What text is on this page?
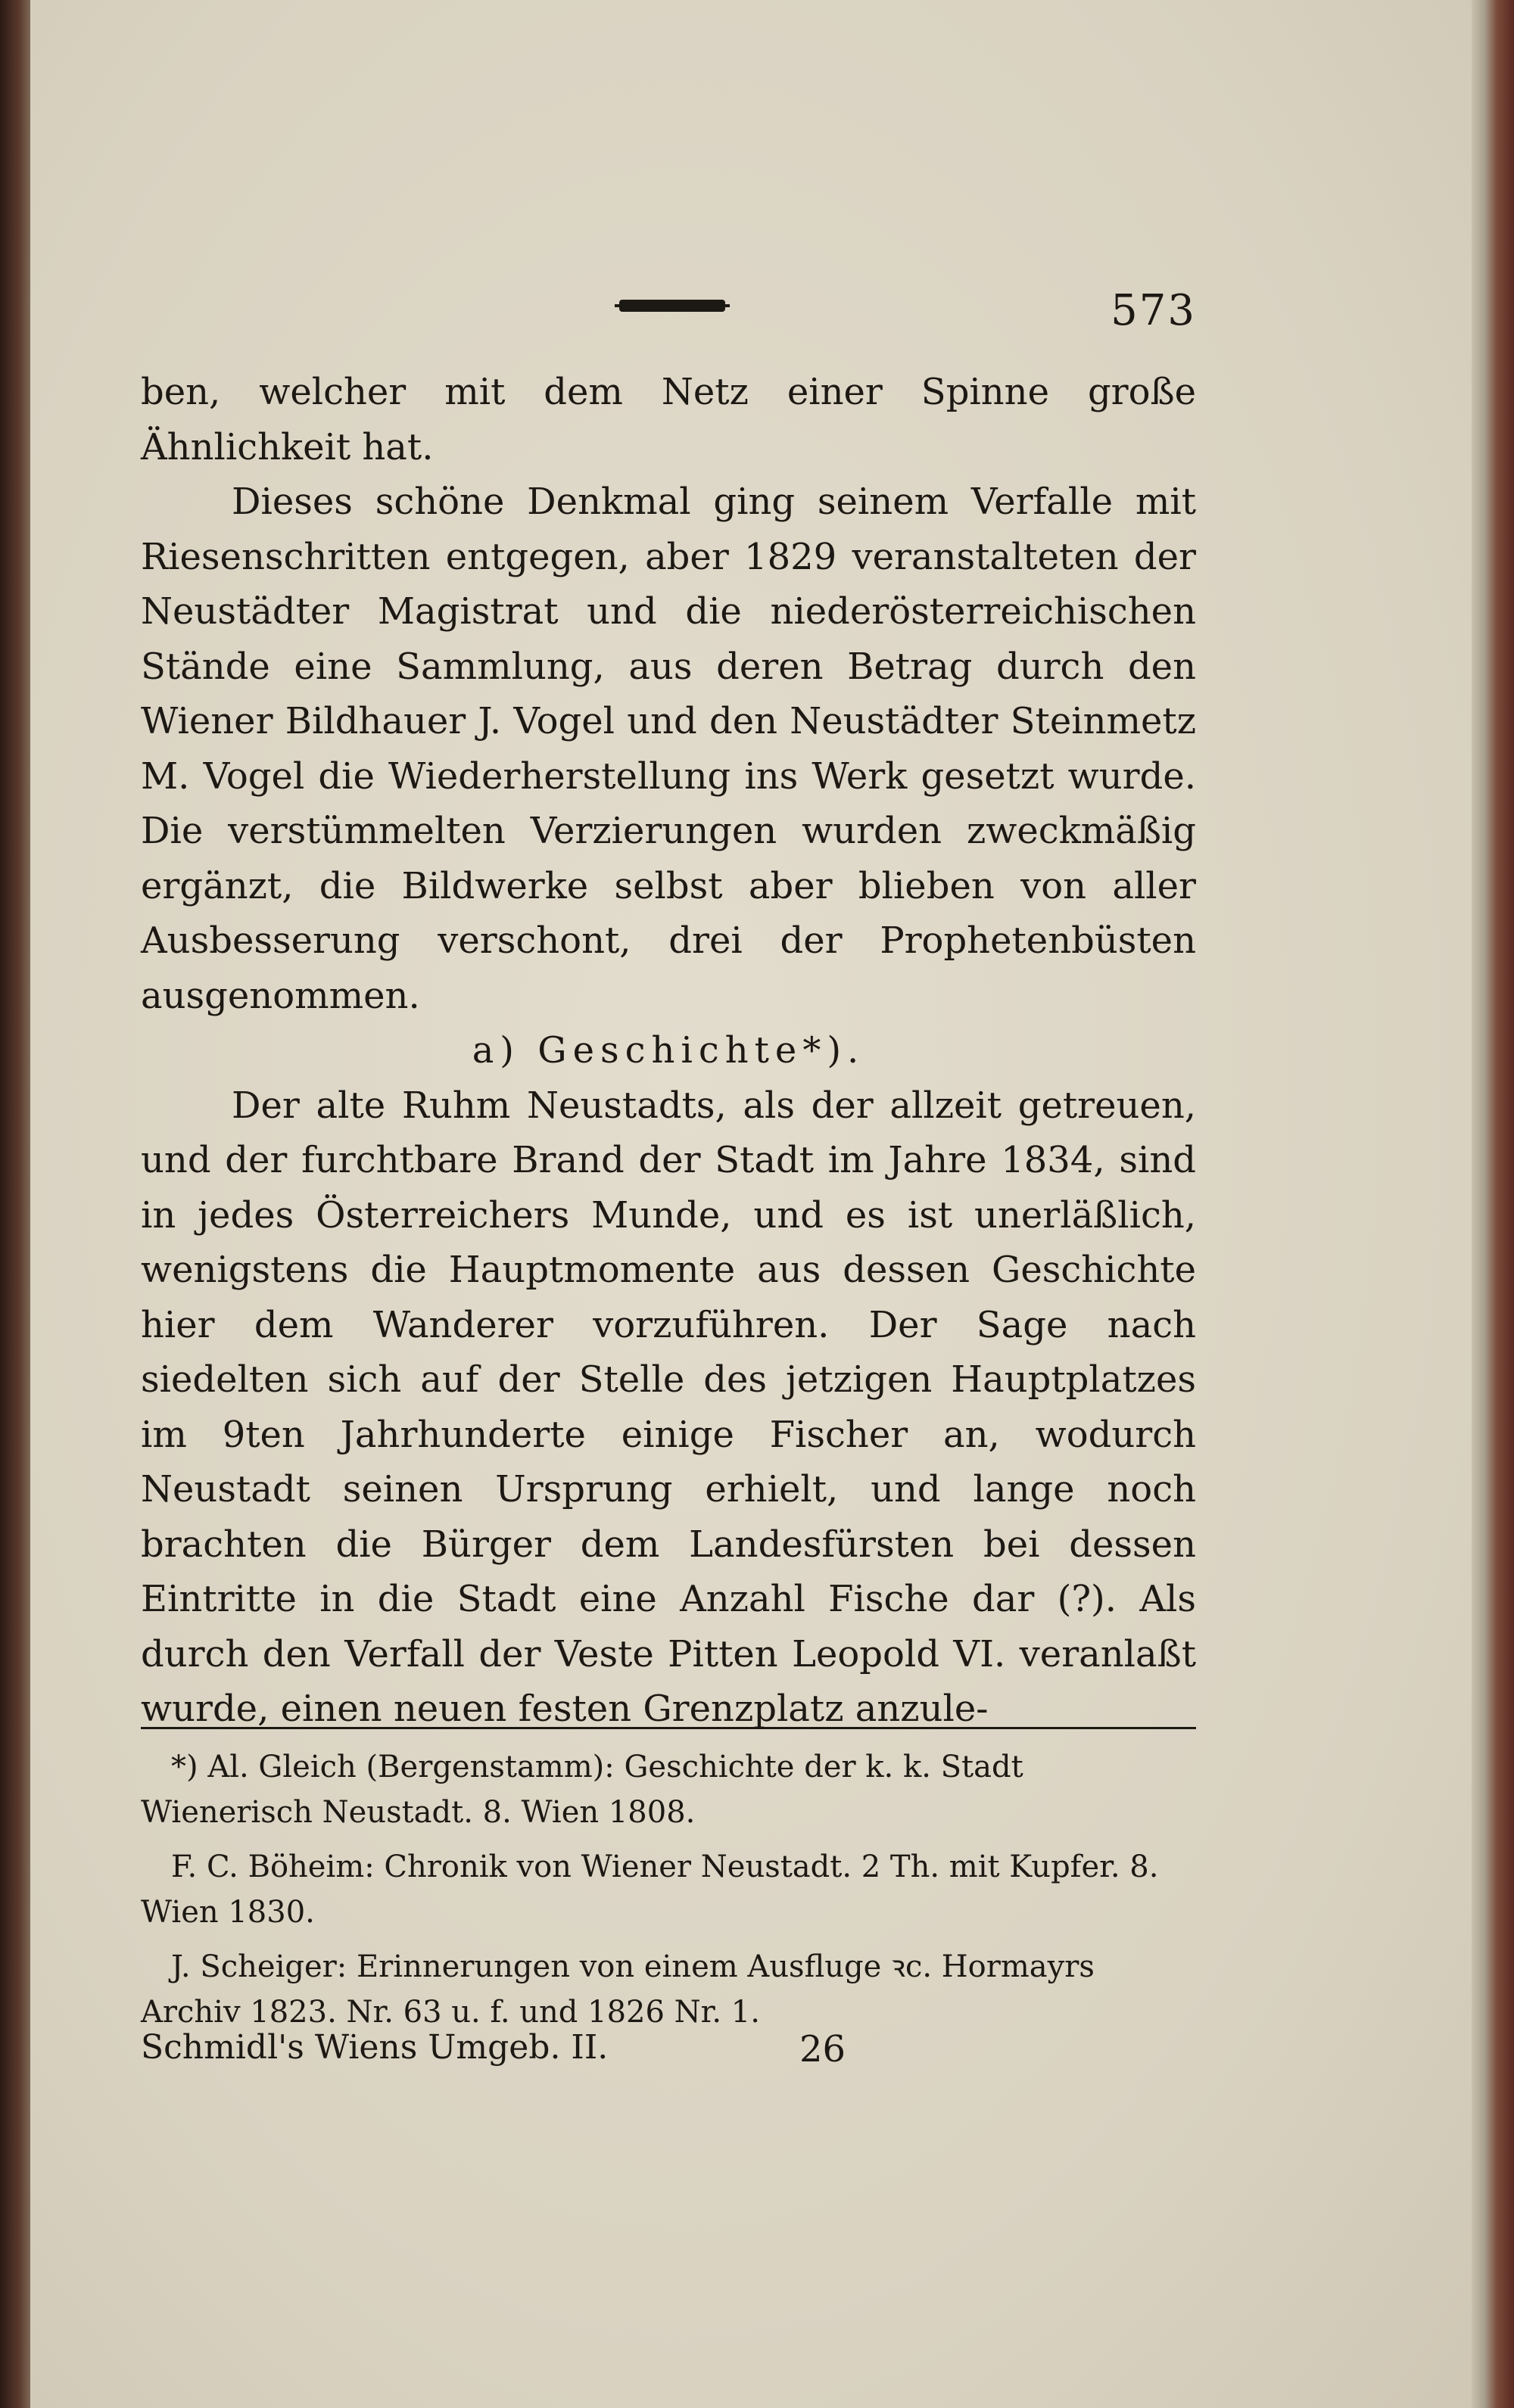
573

ben, welcher mit dem Netz einer Spinne große Ähnlichkeit hat.

Dieses schöne Denkmal ging seinem Verfalle mit Riesenschritten entgegen, aber 1829 veranstalteten der Neustädter Magistrat und die niederösterreichischen Stände eine Sammlung, aus deren Betrag durch den Wiener Bildhauer J. Vogel und den Neustädter Steinmetz M. Vogel die Wiederherstellung ins Werk gesetzt wurde. Die verstümmelten Verzierungen wurden zweckmäßig ergänzt, die Bildwerke selbst aber blieben von aller Ausbesserung verschont, drei der Prophetenbüsten ausgenommen.

a) Geschichte*).

Der alte Ruhm Neustadts, als der allzeit getreuen, und der furchtbare Brand der Stadt im Jahre 1834, sind in jedes Österreichers Munde, und es ist unerläßlich, wenigstens die Hauptmomente aus dessen Geschichte hier dem Wanderer vorzuführen. Der Sage nach siedelten sich auf der Stelle des jetzigen Hauptplatzes im 9ten Jahrhunderte einige Fischer an, wodurch Neustadt seinen Ursprung erhielt, und lange noch brachten die Bürger dem Landesfürsten bei dessen Eintritte in die Stadt eine Anzahl Fische dar (?). Als durch den Verfall der Veste Pitten Leopold VI. veranlaßt wurde, einen neuen festen Grenzplatz anzule-

*) Al. Gleich (Bergenstamm): Geschichte der k. k. Stadt Wienerisch Neustadt. 8. Wien 1808.

F. C. Böheim: Chronik von Wiener Neustadt. 2 Th. mit Kupfer. 8. Wien 1830.

J. Scheiger: Erinnerungen von einem Ausfluge ꝛc. Hormayrs Archiv 1823. Nr. 63 u. f. und 1826 Nr. 1.

Schmidl's Wiens Umgeb. II.	26
